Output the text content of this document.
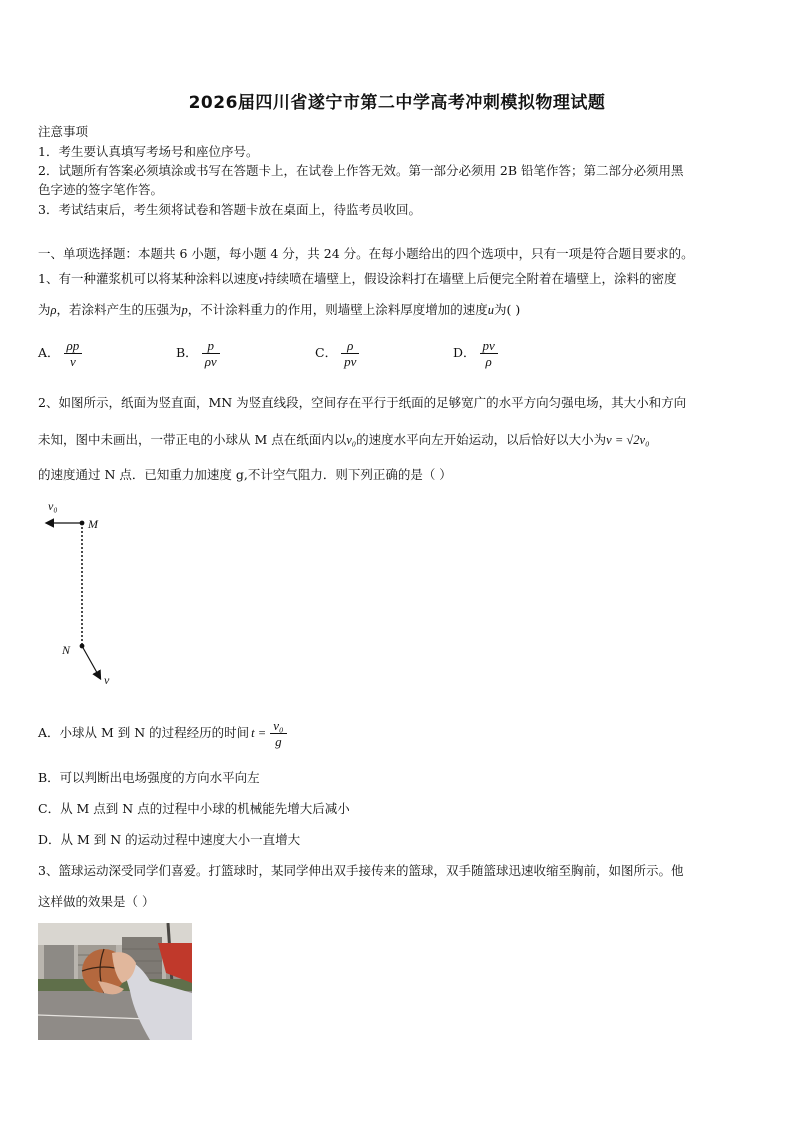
2026届四川省遂宁市第二中学高考冲刺模拟物理试题
注意事项
1．考生要认真填写考场号和座位序号。
2．试题所有答案必须填涂或书写在答题卡上，在试卷上作答无效。第一部分必须用 2B 铅笔作答；第二部分必须用黑
色字迹的签字笔作答。
3．考试结束后，考生须将试卷和答题卡放在桌面上，待监考员收回。
一、单项选择题：本题共 6 小题，每小题 4 分，共 24 分。在每小题给出的四个选项中，只有一项是符合题目要求的。
1、有一种灌浆机可以将某种涂料以速度v持续喷在墙壁上，假设涂料打在墙壁上后便完全附着在墙壁上，涂料的密度
为ρ，若涂料产生的压强为p，不计涂料重力的作用，则墙壁上涂料厚度增加的速度u为( )
A． $\frac{\rho p}{v}$	B． $\frac{p}{\rho v}$	C． $\frac{\rho}{pv}$	D． $\frac{pv}{\rho}$
2、如图所示，纸面为竖直面，MN 为竖直线段，空间存在平行于纸面的足够宽广的水平方向匀强电场，其大小和方向
未知，图中未画出，一带正电的小球从 M 点在纸面内以v₀的速度水平向左开始运动，以后恰好以大小为v = √2v₀
的速度通过 N 点．已知重力加速度 g,不计空气阻力．则下列正确的是（ ）
v₀
M
N
v
A．小球从 M 到 N 的过程经历的时间 $t = \frac{\text{v₀}}{g}$
B．可以判断出电场强度的方向水平向左
C．从 M 点到 N 点的过程中小球的机械能先增大后减小
D．从 M 到 N 的运动过程中速度大小一直增大
3、篮球运动深受同学们喜爱。打篮球时，某同学伸出双手接传来的篮球，双手随篮球迅速收缩至胸前，如图所示。他
这样做的效果是（ ）
